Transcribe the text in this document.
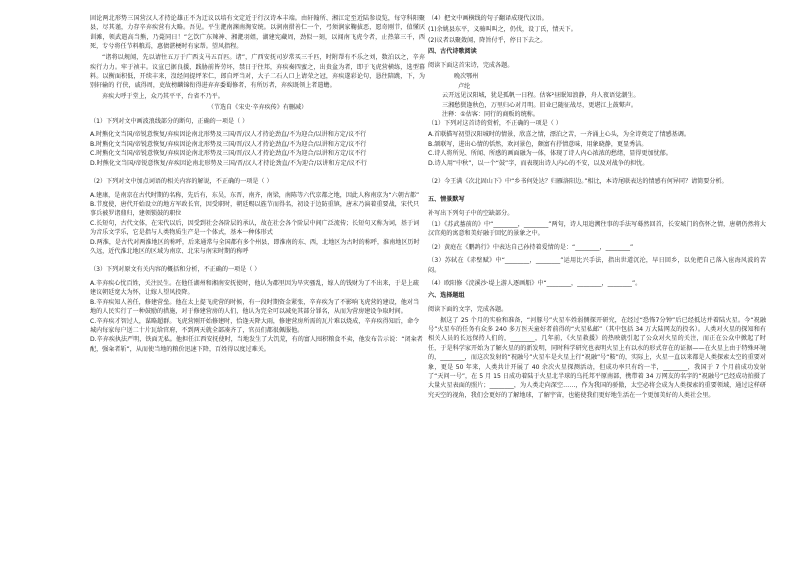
固论两北形势三国营汉人才持论雄正不为迂议以培有文定近于行汉诗本丰端。由轩翰所、湘江定至近陆参设览，每守科阳聚县，尽其谨，力存辛弃疾营有大略。吾见。平生淝南渊南淘安统。以润南措善仁一个，弓须涧家鞠拔恶，愿奇刚节，值懂厌训滩，领武遣高当熊，乃薨同日！”乞饮广东辣神、湘淝羽姐，湖建宪藏周，劲似一刻，以闻南飞虎令者，止热第三千，西死，专兮将任节料粮焉，惠债湛梗时有家帮。望风指程。

“诸将以规闻，先以请往五万于广西支马五百匹。诸”，广西安抚司岁常买三千匹，时附帮有不乐之刘，数泊以之，辛弃疾行力力。牢于祯丰。议宣已据良援，践胁前皆劳坏，禁日于往邦，弃疾奏四蜜之，出贵盆为者，即于飞虎营横练，选型幕料。以衡面积低，开续丰来，沒经问提坪苯仁，郎自坪当对，大子二石人口上请荣之冠，弃疾遂彩论句，恳往陪跳，下，为 别轩输的 行侠，戚得周，吏故榜麟锦衔得进弃弃委蜀修者，有所厉者，弃疾既领上者遣蟾。

弃疾大呼于堂上，众乃其平平，台省不乃平。

（节选自《宋史·辛弃疾传》有删减）

（1）下列对文中画波浪线部分的断句，正确的一项是（ ）

A.时熊化文当国/帝锐意恢复/弃疾因论南北形势及三国/晋/汉人才持论劲直/不为迎合/以讲和方定/议不行

B.时熊化文当国/帝锐意恢复/弃疾因论南北形势及三国/晋/汉人才持论劲直/不为迎合/以讲和方定/议不行

C.时熊化文当国/帝锐意恢复/弃疾因论南北形势及三国/晋/汉人才持论劲直/不为迎合/以讲和方定/议不行

D.时熊化文当国/帝锐意恢复/弃疾因论南北形势及三国/晋/汉人才持论劲直/不为迎合/以讲和方定/议不行

（2）下列对文中加点词语的相关内容的解说，不正确的一项是（ ）

A.建康，是南京在古代时期的名称，先后有，东吴，东晋，南齐，南梁，南陈等六代京都之地，因此人称南京为“六朝古都”

B.节度使，唐代开始设立的地方军政长官，因受职时，朝廷赐以旌节而得名，初设于边防重镇，唐末乃演着重要战，宋代只事兵被罗诸鼎归，建领锁鼓的职位

C.长短句，古代文体，在宋代以后，因受到社会各阶层的承认，故在社会各个阶层中间广泛流传；长短句又称为词，基于词为音乐文学乐，它是指与人类物质生产是一个体式，基本一种体形式

D.两淮，是古代对两淮地区的称呼，后来通常与全国都有多个州县，即淮南的东、西，北地区为古时的称呼，淮南地区历时久远，近代淮北地区的区域为南京、北宋与南宋时期的称呼

（3）下列对原文有关内容的概括和分析，不正确的一项是（ ）

A.辛弃疾心忧百姓，关注民生。在他任湖州和湘南安抚使时，他认为郡里因为旱灾骚乱，嫁人的钱财为了不出来，于是上疏建议朝廷宽大为怀，让嫁人望风投降。

B.辛弃疾知人善任，修建营垒。他在太上提飞虎营的时候，有一段时期资金紧张，辛弃疾为了不影响飞虎营的建设，他对当地的人民实行了一种鼓励的措施，对于修建营房的人们，他认为完全可以减免其部分罪名，从而为营房建设争取时间。

C.辛弃疾才智过人，谋略超群。飞虎营刚开始修建时，恰逢天降大雨，修建营房所需的瓦片难以烧成，辛弃疾得知后，命令城内每家每户送二十片瓦给官府，不到两天就全部凑齐了，官员们都很佩服他。

D.辛弃疾执法严明，铁面无私。他担任江西安抚使时，当地发生了大饥荒，有的富人囤积粮食不卖，他发布告示说：“闭籴者配，强籴者斩”，从而使当地的粮价迅速下降，百姓得以度过难关。

（4）把文中画横线的句子翻译成现代汉语。

(1)余姚县东平，义骑叫叫之，仍伐，设丁氏，情天下。

(2)议者以聚敛闻，降旨付乎，停日下去之。

四、古代诗歌阅读

阅读下面这首宋诗，完成各题。

晚次鄂州

卢纶

云开远见汉阳城，犹是孤帆一日程。估客²昼眠知浪静，舟人夜语觉潮生。

三湘愁鬓逢秋色，万里归心对月明。旧业已随征战尽，更堪江上鼓鼙声。

注释：①估客：同行的商贩的统称。

（1）下列对这首诗的赏析，不正确的一项是（ ）

A.首联描写初望汉阳城时的情景，欣喜之情，漂泊之苦，一齐涌上心头，为全诗奠定了情感基调。

B.颔联写，进出心情的恬然，欢河景色，颇富有抒情意味，用象晓静，更显秀洁。

C.诗人将所见、所闻、所感的画面融为一体，体现了诗人内心浓浓的愁绪，显得更加忧郁。

D.诗人用“中秋”，以一个“鼓”字，而表现出诗人内心的不安，以及对战争的担忧。

（2）今王满《次北固山下》中“乡书何处达？归雁洛阳边。”相比，本诗尾联表达的情感有何异同？请简要分析。

五、情景默写

补写出下列句子中的空缺部分。

（1）《苏武墓前的》中“________，________”两句，诗人用追溯往事的手法写蓦然回首，长安城门的伤怀之情，唐朝仍然将大汉宫苑的寓意和美好融于回忆的景象之中。

（2）黄庭在《鹏鸹行》中表达自己孙持着爱情的是：“________，________”

（3）苏轼在《赤壁赋》中“________，________”运用比兴手法，指出世道沉沦，早日回乡，以免把自己落入宦海风波的苦闷。

（4）欧阳修《浣溪沙·堤上游人逐画船》中“________，________，________”。

六、选择题组

阅读下面的文字，完成各题。

据这了 25 个月的实验和准备，“河豚号”火星车姓弱侧探开研究，在经过“恐怖7分钟”后已经抵达并着陆火星。今“祝融号”火星车的任务有众多 240 多万医天童好者前得的“火星私邮”（其中包括 34 万大陆网友的投名）。人类对火星的探知和有相关人员的长远保持人们的，________，几年前，《火星救援》的热映就引起了公众对火星的关注，而正在公众中掀起了时任，于是科学家开始为了解火星的的新发明，同时科学研究也表明火星上有以水的形式存在的证据——在火星上由于特殊环境的，________，而这次发射的“祝融号”火星车是火星上行“祝融”号“鞍”的，实际上，火星一直以来都是人类探索太空的重要对象，更是 50 年来，人类共计开展了 40 余次火星探测活动，但成功率只有约一半，________，我国于 7 个月前成功发射了“天问一号”，在 5 月 15 日成功着陆于火星北半球的乌托邦平原南部，携带着 34 万网友的名字的“祝融号”已经成功拍摄了大量火星表面的照片；________，为人类走向深空……，作为我国的骄傲，太空必将会成为人类探索的重要领域，通过这样研究天空的视角，我们会更好的了解地球，了解宇宙，也能使我们更好地生活在一个更加美好的人类社会里。
